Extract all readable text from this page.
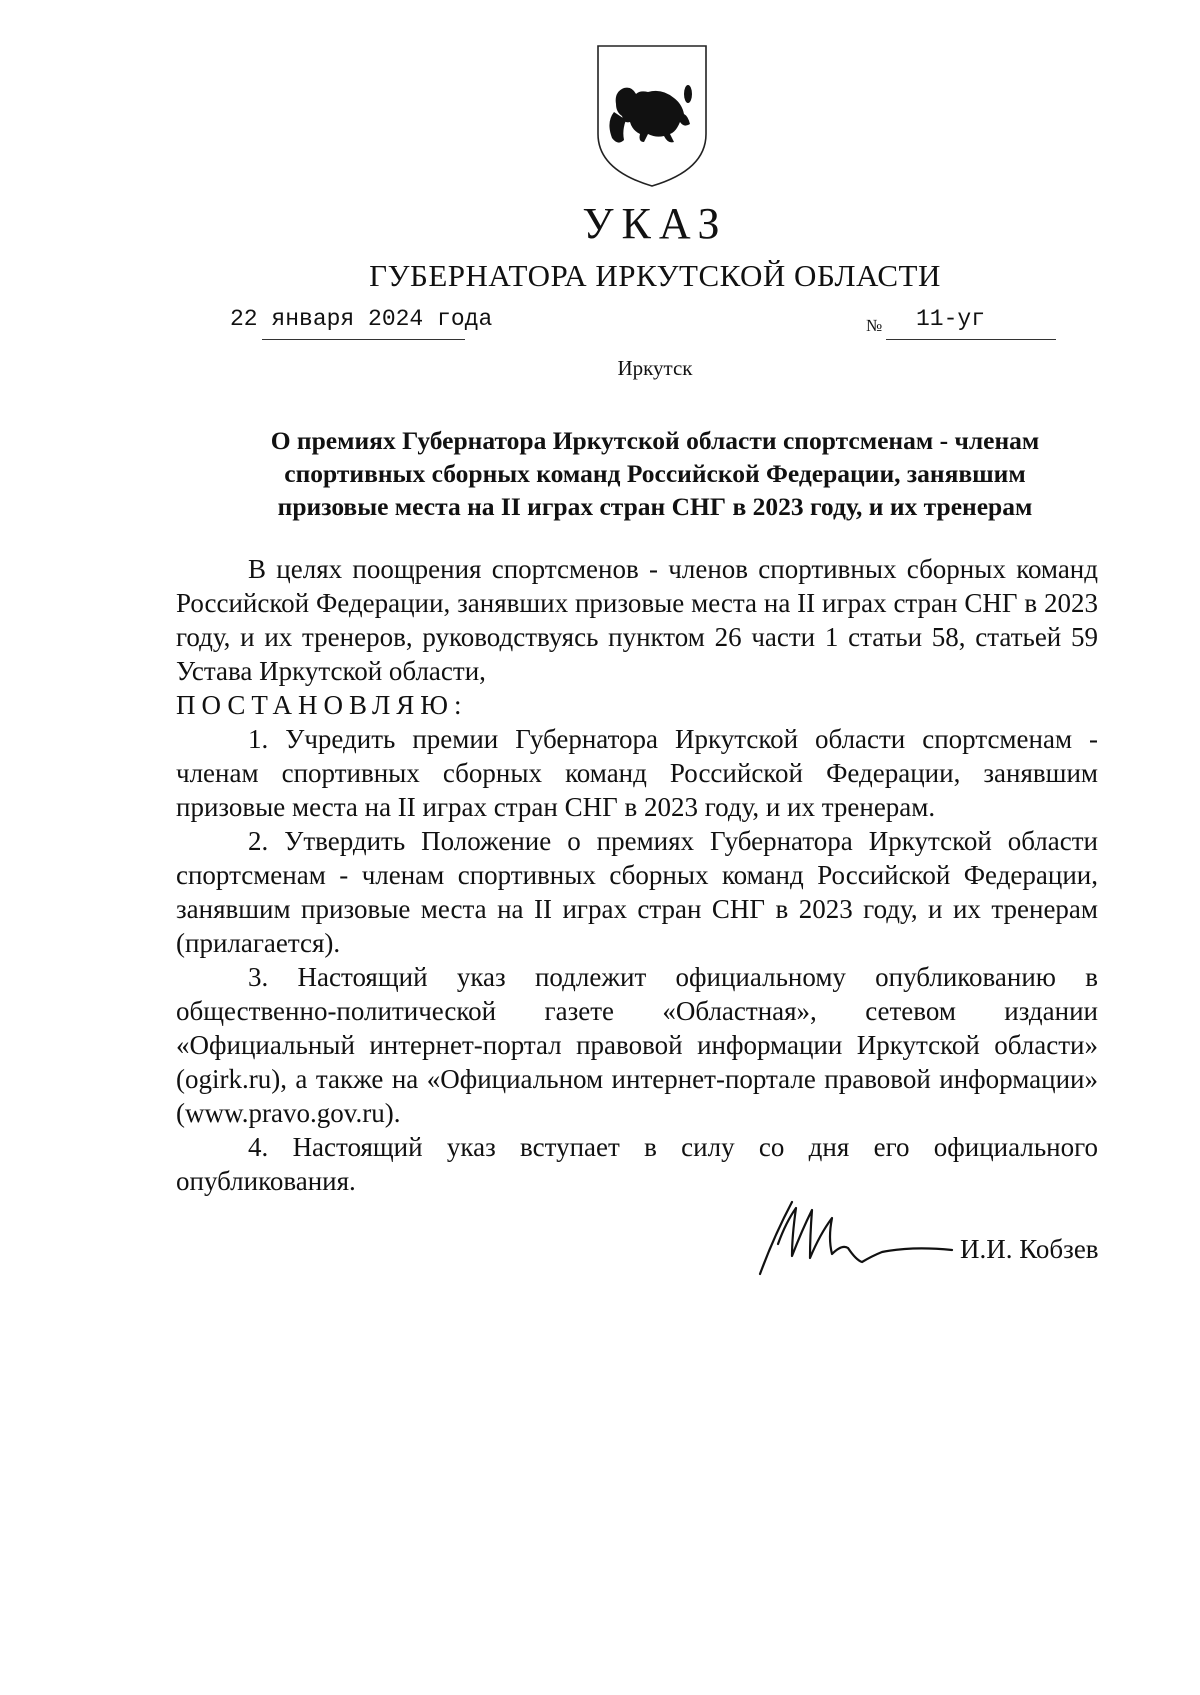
УКАЗ
ГУБЕРНАТОРА ИРКУТСКОЙ ОБЛАСТИ
22 января 2024 года	№ 11-уг
Иркутск
О премиях Губернатора Иркутской области спортсменам - членам
спортивных сборных команд Российской Федерации, занявшим
призовые места на II играх стран СНГ в 2023 году, и их тренерам
В целях поощрения спортсменов - членов спортивных сборных команд Российской Федерации, занявших призовые места на II играх стран СНГ в 2023 году, и их тренеров, руководствуясь пунктом 26 части 1 статьи 58, статьей 59 Устава Иркутской области,
ПОСТАНОВЛЯЮ:
1. Учредить премии Губернатора Иркутской области спортсменам - членам спортивных сборных команд Российской Федерации, занявшим призовые места на II играх стран СНГ в 2023 году, и их тренерам.
2. Утвердить Положение о премиях Губернатора Иркутской области спортсменам - членам спортивных сборных команд Российской Федерации, занявшим призовые места на II играх стран СНГ в 2023 году, и их тренерам (прилагается).
3. Настоящий указ подлежит официальному опубликованию в общественно-политической газете «Областная», сетевом издании «Официальный интернет-портал правовой информации Иркутской области» (ogirk.ru), а также на «Официальном интернет-портале правовой информации» (www.pravo.gov.ru).
4. Настоящий указ вступает в силу со дня его официального опубликования.
И.И. Кобзев
